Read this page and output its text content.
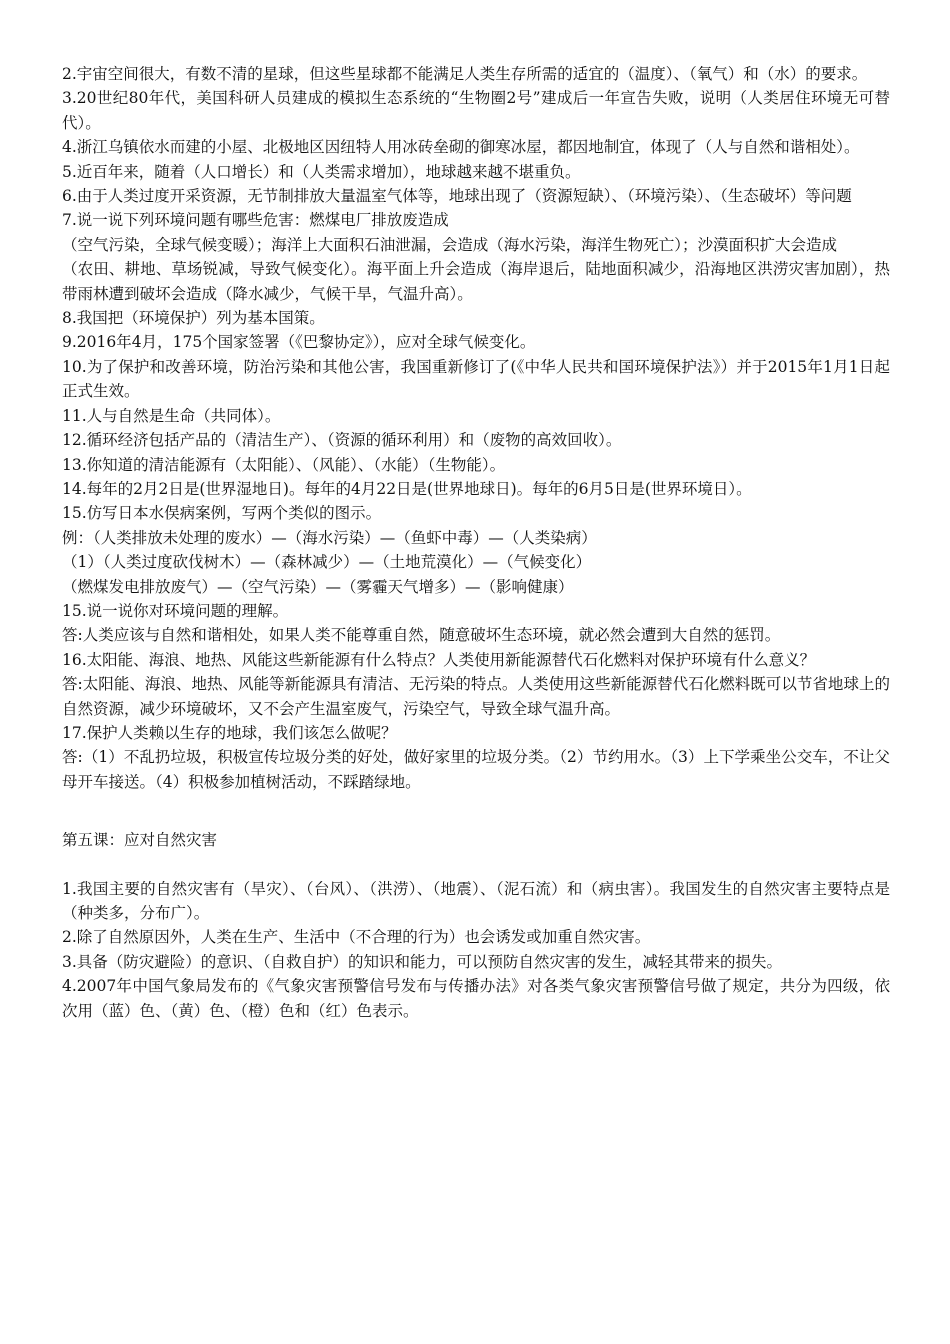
2.宇宙空间很大，有数不清的星球，但这些星球都不能满足人类生存所需的适宜的（温度）、（氧气）和（水）的要求。

3.20世纪80年代，美国科研人员建成的模拟生态系统的“生物圈2号”建成后一年宣告失败，说明（人类居住环境无可替代）。

4.浙江乌镇依水而建的小屋、北极地区因纽特人用冰砖垒砌的御寒冰屋，都因地制宜，体现了（人与自然和谐相处）。

5.近百年来，随着（人口增长）和（人类需求增加），地球越来越不堪重负。

6.由于人类过度开采资源，无节制排放大量温室气体等，地球出现了（资源短缺）、（环境污染）、（生态破坏）等问题

7.说一说下列环境问题有哪些危害：燃煤电厂排放废造成

（空气污染，全球气候变暖）；海洋上大面积石油泄漏，会造成（海水污染，海洋生物死亡）；沙漠面积扩大会造成

（农田、耕地、草场锐减，导致气候变化）。海平面上升会造成（海岸退后，陆地面积减少，沿海地区洪涝灾害加剧），热带雨林遭到破坏会造成（降水减少，气候干旱，气温升高）。

8.我国把（环境保护）列为基本国策。

9.2016年4月，175个国家签署（《巴黎协定》），应对全球气候变化。

10.为了保护和改善环境，防治污染和其他公害，我国重新修订了(《中华人民共和国环境保护法》）并于2015年1月1日起正式生效。

11.人与自然是生命（共同体）。

12.循环经济包括产品的（清洁生产）、（资源的循环利用）和（废物的高效回收）。

13.你知道的清洁能源有（太阳能）、（风能）、（水能）（生物能）。

14.每年的2月2日是(世界湿地日)。每年的4月22日是(世界地球日)。每年的6月5日是(世界环境日）。

15.仿写日本水俣病案例，写两个类似的图示。

例：（人类排放未处理的废水）—（海水污染）—（鱼虾中毒）—（人类染病）

（1）（人类过度砍伐树木）—（森林减少）—（土地荒漠化）—（气候变化）

（燃煤发电排放废气）—（空气污染）—（雾霾天气增多）—（影响健康）

15.说一说你对环境问题的理解。

答:人类应该与自然和谐相处，如果人类不能尊重自然，随意破坏生态环境，就必然会遭到大自然的惩罚。

16.太阳能、海浪、地热、风能这些新能源有什么特点？人类使用新能源替代石化燃料对保护环境有什么意义？

答:太阳能、海浪、地热、风能等新能源具有清洁、无污染的特点。人类使用这些新能源替代石化燃料既可以节省地球上的自然资源，减少环境破坏，又不会产生温室废气，污染空气，导致全球气温升高。

17.保护人类赖以生存的地球，我们该怎么做呢？

答:（1）不乱扔垃圾，积极宣传垃圾分类的好处，做好家里的垃圾分类。（2）节约用水。（3）上下学乘坐公交车，不让父母开车接送。（4）积极参加植树活动，不踩踏绿地。

第五课：应对自然灾害

1.我国主要的自然灾害有（旱灾）、（台风）、（洪涝）、（地震）、（泥石流）和（病虫害）。我国发生的自然灾害主要特点是（种类多，分布广）。

2.除了自然原因外，人类在生产、生活中（不合理的行为）也会诱发或加重自然灾害。

3.具备（防灾避险）的意识、（自救自护）的知识和能力，可以预防自然灾害的发生，减轻其带来的损失。

4.2007年中国气象局发布的《气象灾害预警信号发布与传播办法》对各类气象灾害预警信号做了规定，共分为四级，依次用（蓝）色、（黄）色、（橙）色和（红）色表示。
